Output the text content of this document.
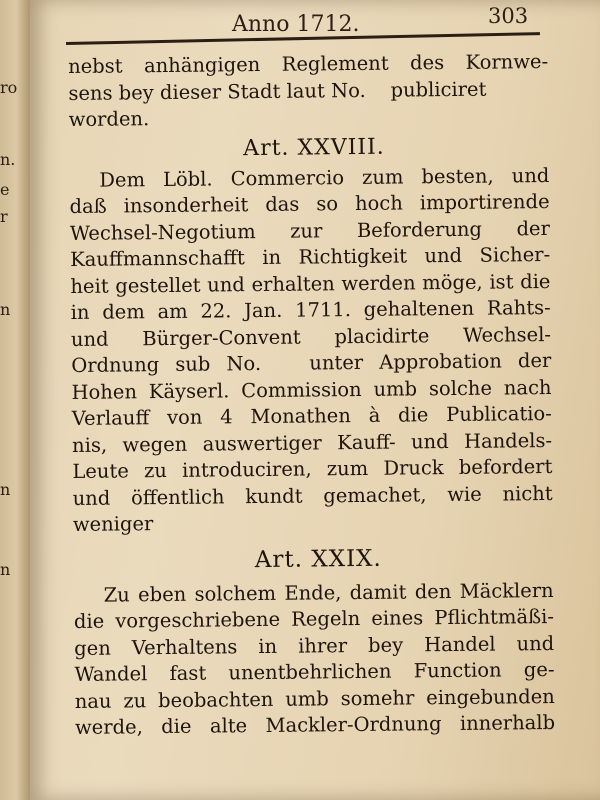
ro
n.
e
r
n
n
n
Anno 1712.	303
nebst anhängigen Reglement des Kornwe-
sens bey dieser Stadt laut No.    publiciret
worden.
Art. XXVIII.
Dem Löbl. Commercio zum besten, und
daß insonderheit das so hoch importirende
Wechsel-Negotium zur Beforderung der
Kauffmannschafft in Richtigkeit und Sicher-
heit gestellet und erhalten werden möge, ist die
in dem am 22. Jan. 1711. gehaltenen Rahts-
und Bürger-Convent placidirte Wechsel-
Ordnung sub No.   unter Approbation der
Hohen Käyserl. Commission umb solche nach
Verlauff von 4 Monathen à die Publicatio-
nis, wegen auswertiger Kauff- und Handels-
Leute zu introduciren, zum Druck befordert
und öffentlich kundt gemachet, wie nicht
weniger
Art. XXIX.
Zu eben solchem Ende, damit den Mäcklern
die vorgeschriebene Regeln eines Pflichtmäßi-
gen Verhaltens in ihrer bey Handel und
Wandel fast unentbehrlichen Function ge-
nau zu beobachten umb somehr eingebunden
werde, die alte Mackler-Ordnung innerhalb
